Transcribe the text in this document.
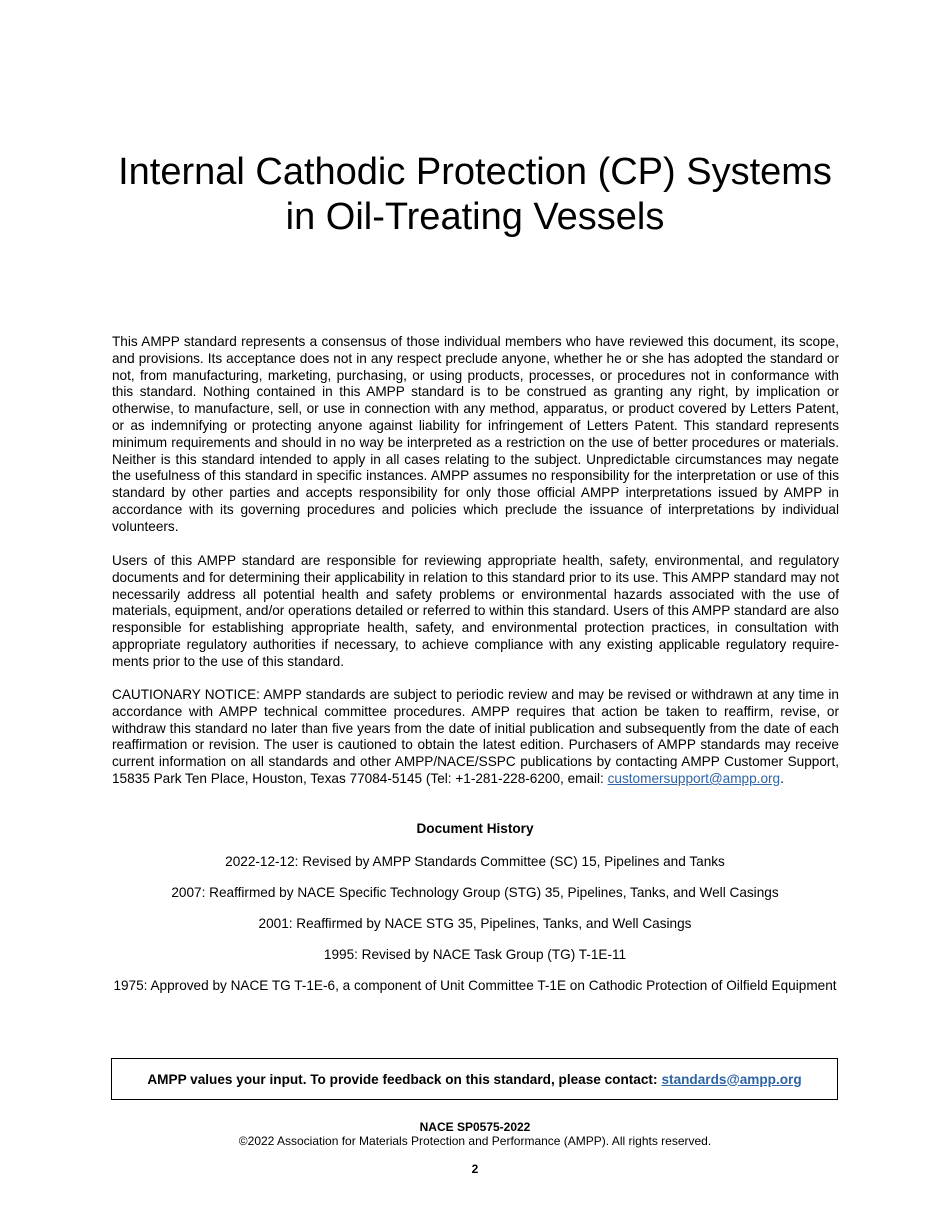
Internal Cathodic Protection (CP) Systems
in Oil-Treating Vessels

This AMPP standard represents a consensus of those individual members who have reviewed this document, its scope, and provisions. Its acceptance does not in any respect preclude anyone, whether he or she has adopted the standard or not, from manufacturing, marketing, purchasing, or using products, processes, or procedures not in conformance with this standard. Nothing contained in this AMPP standard is to be construed as granting any right, by implication or otherwise, to manufacture, sell, or use in connection with any method, apparatus, or product covered by Letters Patent, or as indemnifying or protecting anyone against liability for infringement of Letters Patent. This standard represents minimum requirements and should in no way be interpreted as a restriction on the use of better procedures or materials. Neither is this standard intended to apply in all cases relating to the subject. Unpredictable circumstances may negate the usefulness of this standard in specific instances. AMPP assumes no responsibility for the interpretation or use of this standard by other parties and accepts responsibility for only those official AMPP interpretations issued by AMPP in accordance with its governing procedures and policies which preclude the issuance of interpretations by individual volunteers.

Users of this AMPP standard are responsible for reviewing appropriate health, safety, environmental, and regulatory documents and for determining their applicability in relation to this standard prior to its use. This AMPP standard may not necessarily address all potential health and safety problems or environmental hazards associated with the use of materials, equipment, and/or operations detailed or referred to within this standard. Users of this AMPP standard are also responsible for establishing appropriate health, safety, and environmental protection practices, in consultation with appropriate regulatory authorities if necessary, to achieve compliance with any existing applicable regulatory requirements prior to the use of this standard.

CAUTIONARY NOTICE: AMPP standards are subject to periodic review and may be revised or withdrawn at any time in accordance with AMPP technical committee procedures. AMPP requires that action be taken to reaffirm, revise, or withdraw this standard no later than five years from the date of initial publication and subsequently from the date of each reaffirmation or revision. The user is cautioned to obtain the latest edition. Purchasers of AMPP standards may receive current information on all standards and other AMPP/NACE/SSPC publications by contacting AMPP Customer Support, 15835 Park Ten Place, Houston, Texas 77084-5145 (Tel: +1-281-228-6200, email: customersupport@ampp.org.

Document History
2022-12-12: Revised by AMPP Standards Committee (SC) 15, Pipelines and Tanks
2007: Reaffirmed by NACE Specific Technology Group (STG) 35, Pipelines, Tanks, and Well Casings
2001: Reaffirmed by NACE STG 35, Pipelines, Tanks, and Well Casings
1995: Revised by NACE Task Group (TG) T-1E-11
1975: Approved by NACE TG T-1E-6, a component of Unit Committee T-1E on Cathodic Protection of Oilfield Equipment
AMPP values your input. To provide feedback on this standard, please contact: standards@ampp.org
NACE SP0575-2022
©2022 Association for Materials Protection and Performance (AMPP). All rights reserved.
2
